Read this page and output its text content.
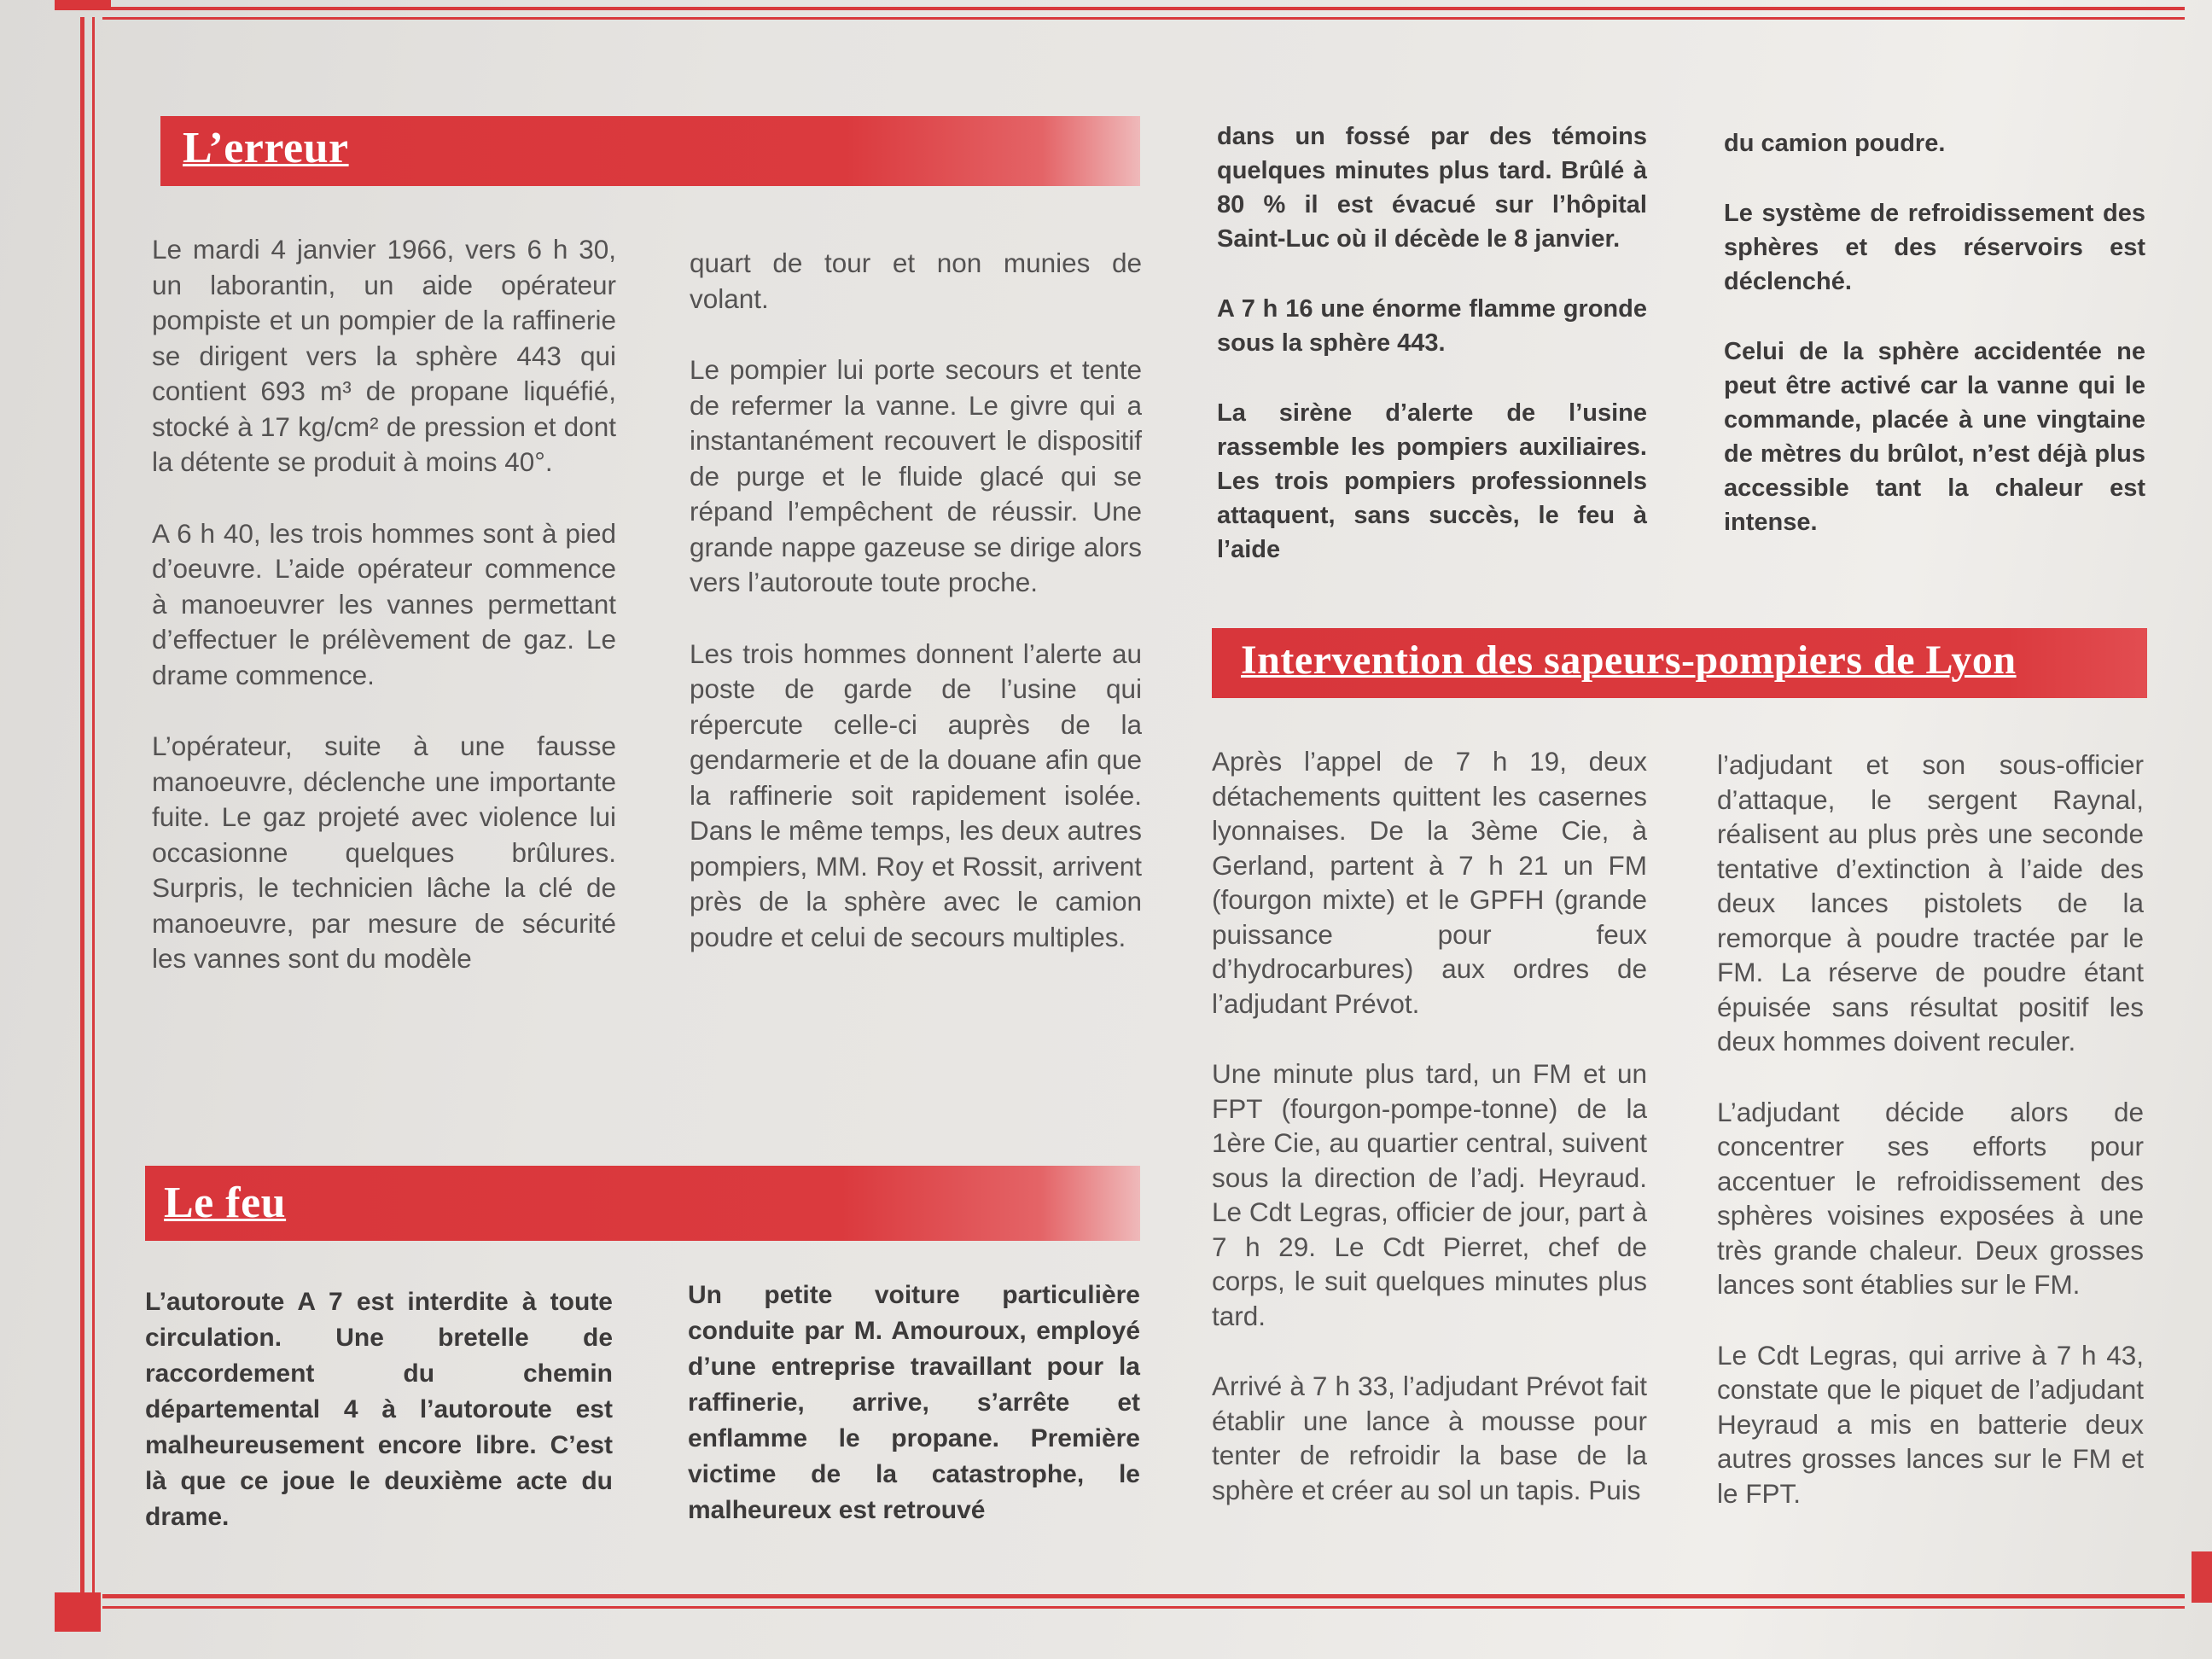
L’erreur

Le mardi 4 janvier 1966, vers 6 h 30, un laborantin, un aide opérateur pompiste et un pompier de la raffinerie se dirigent vers la sphère 443 qui contient 693 m³ de propane liquéfié, stocké à 17 kg/cm² de pression et dont la détente se produit à moins 40°.

A 6 h 40, les trois hommes sont à pied d’oeuvre. L’aide opérateur commence à manoeuvrer les vannes permettant d’effectuer le prélèvement de gaz. Le drame commence.

L’opérateur, suite à une fausse manoeuvre, déclenche une importante fuite. Le gaz projeté avec violence lui occasionne quelques brûlures. Surpris, le technicien lâche la clé de manoeuvre, par mesure de sécurité les vannes sont du modèle

quart de tour et non munies de volant.

Le pompier lui porte secours et tente de refermer la vanne. Le givre qui a instantanément recouvert le dispositif de purge et le fluide glacé qui se répand l’empêchent de réussir. Une grande nappe gazeuse se dirige alors vers l’autoroute toute proche.

Les trois hommes donnent l’alerte au poste de garde de l’usine qui répercute celle-ci auprès de la gendarmerie et de la douane afin que la raffinerie soit rapidement isolée. Dans le même temps, les deux autres pompiers, MM. Roy et Rossit, arrivent près de la sphère avec le camion poudre et celui de secours multiples.

Le feu

L’autoroute A 7 est interdite à toute circulation. Une bretelle de raccordement du chemin départemental 4 à l’autoroute est malheureusement encore libre. C’est là que ce joue le deuxième acte du drame.

Un petite voiture particulière conduite par M. Amouroux, employé d’une entreprise travaillant pour la raffinerie, arrive, s’arrête et enflamme le propane. Première victime de la catastrophe, le malheureux est retrouvé

dans un fossé par des témoins quelques minutes plus tard. Brûlé à 80 % il est évacué sur l’hôpital Saint-Luc où il décède le 8 janvier.

A 7 h 16 une énorme flamme gronde sous la sphère 443.

La sirène d’alerte de l’usine rassemble les pompiers auxiliaires. Les trois pompiers professionnels attaquent, sans succès, le feu à l’aide

du camion poudre.

Le système de refroidissement des sphères et des réservoirs est déclenché.

Celui de la sphère accidentée ne peut être activé car la vanne qui le commande, placée à une vingtaine de mètres du brûlot, n’est déjà plus accessible tant la chaleur est intense.

Intervention des sapeurs-pompiers de Lyon

Après l’appel de 7 h 19, deux détachements quittent les casernes lyonnaises. De la 3ème Cie, à Gerland, partent à 7 h 21 un FM (fourgon mixte) et le GPFH (grande puissance pour feux d’hydrocarbures) aux ordres de l’adjudant Prévot.

Une minute plus tard, un FM et un FPT (fourgon-pompe-tonne) de la 1ère Cie, au quartier central, suivent sous la direction de l’adj. Heyraud. Le Cdt Legras, officier de jour, part à 7 h 29. Le Cdt Pierret, chef de corps, le suit quelques minutes plus tard.

Arrivé à 7 h 33, l’adjudant Prévot fait établir une lance à mousse pour tenter de refroidir la base de la sphère et créer au sol un tapis. Puis

l’adjudant et son sous-officier d’attaque, le sergent Raynal, réalisent au plus près une seconde tentative d’extinction à l’aide des deux lances pistolets de la remorque à poudre tractée par le FM. La réserve de poudre étant épuisée sans résultat positif les deux hommes doivent reculer.

L’adjudant décide alors de concentrer ses efforts pour accentuer le refroidissement des sphères voisines exposées à une très grande chaleur. Deux grosses lances sont établies sur le FM.

Le Cdt Legras, qui arrive à 7 h 43, constate que le piquet de l’adjudant Heyraud a mis en batterie deux autres grosses lances sur le FM et le FPT.
